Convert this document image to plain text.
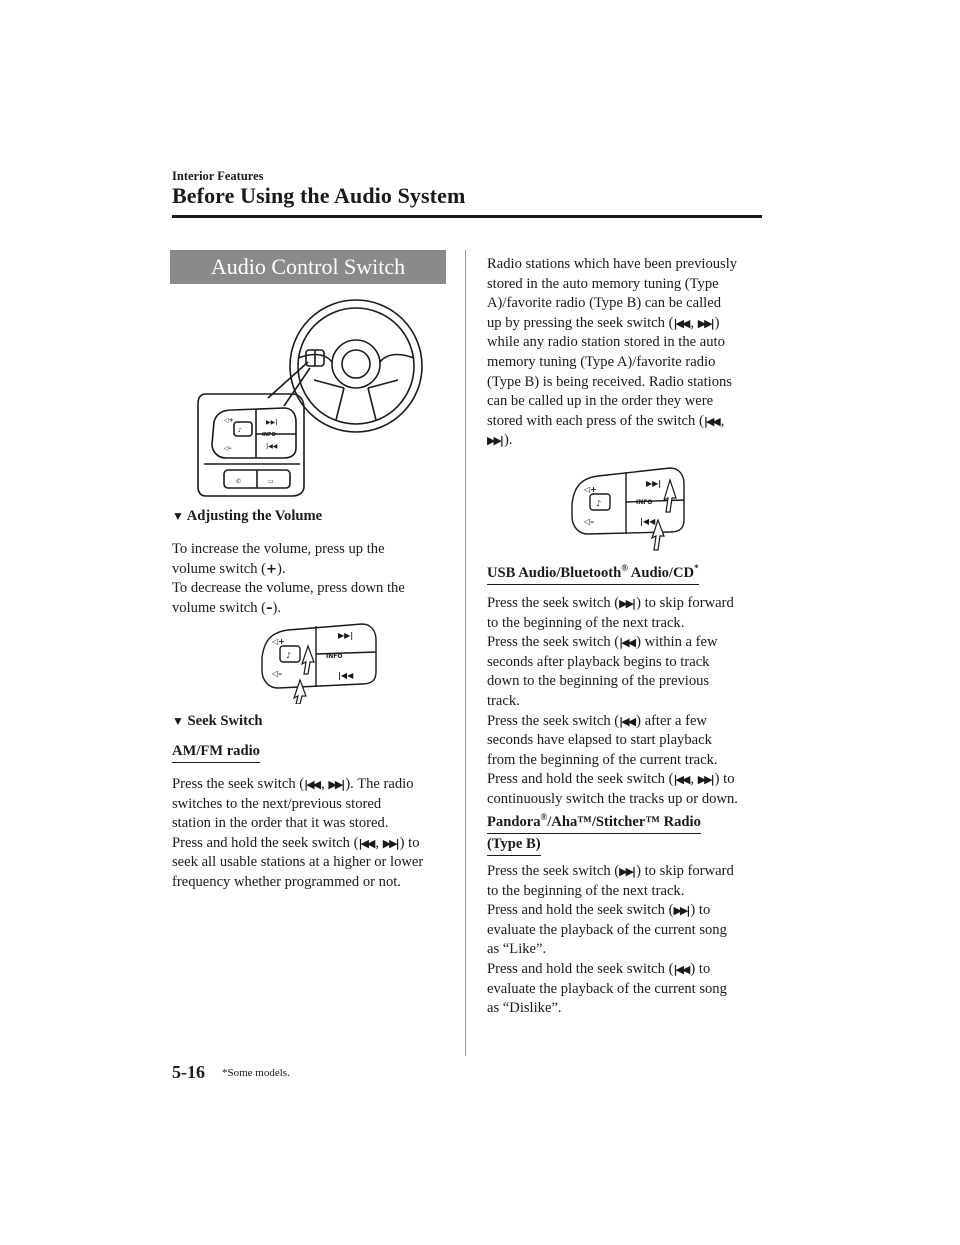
Interior Features
Before Using the Audio System
Audio Control Switch
◁+
◁–
▶▶|
|◀◀
INFO
♪
✆	▭
▼ Adjusting the Volume

To increase the volume, press up the

volume switch (+).

To decrease the volume, press down the

volume switch (–).

◁+
◁–
▶▶|
|◀◀
INFO
♪
▼ Seek Switch
AM/FM radio

Press the seek switch (|◀◀ , ▶▶| ). The radio

switches to the next/previous stored

station in the order that it was stored.

Press and hold the seek switch (|◀◀ , ▶▶| ) to

seek all usable stations at a higher or lower

frequency whether programmed or not.

Radio stations which have been previously

stored in the auto memory tuning (Type

A)/favorite radio (Type B) can be called

up by pressing the seek switch (|◀◀ , ▶▶| )

while any radio station stored in the auto

memory tuning (Type A)/favorite radio

(Type B) is being received. Radio stations

can be called up in the order they were

stored with each press of the switch (|◀◀ ,

▶▶| ).

◁+
◁–
▶▶|
|◀◀
INFO
♪
USB Audio/Bluetooth® Audio/CD*

Press the seek switch (▶▶| ) to skip forward

to the beginning of the next track.

Press the seek switch (|◀◀ ) within a few

seconds after playback begins to track

down to the beginning of the previous

track.

Press the seek switch (|◀◀ ) after a few

seconds have elapsed to start playback

from the beginning of the current track.

Press and hold the seek switch (|◀◀ , ▶▶| ) to

continuously switch the tracks up or down.

Pandora®/Aha™/Stitcher™ Radio
(Type B)

Press the seek switch (▶▶| ) to skip forward

to the beginning of the next track.

Press and hold the seek switch (▶▶| ) to

evaluate the playback of the current song

as “Like”.

Press and hold the seek switch (|◀◀ ) to

evaluate the playback of the current song

as “Dislike”.

5-16 *Some models.
